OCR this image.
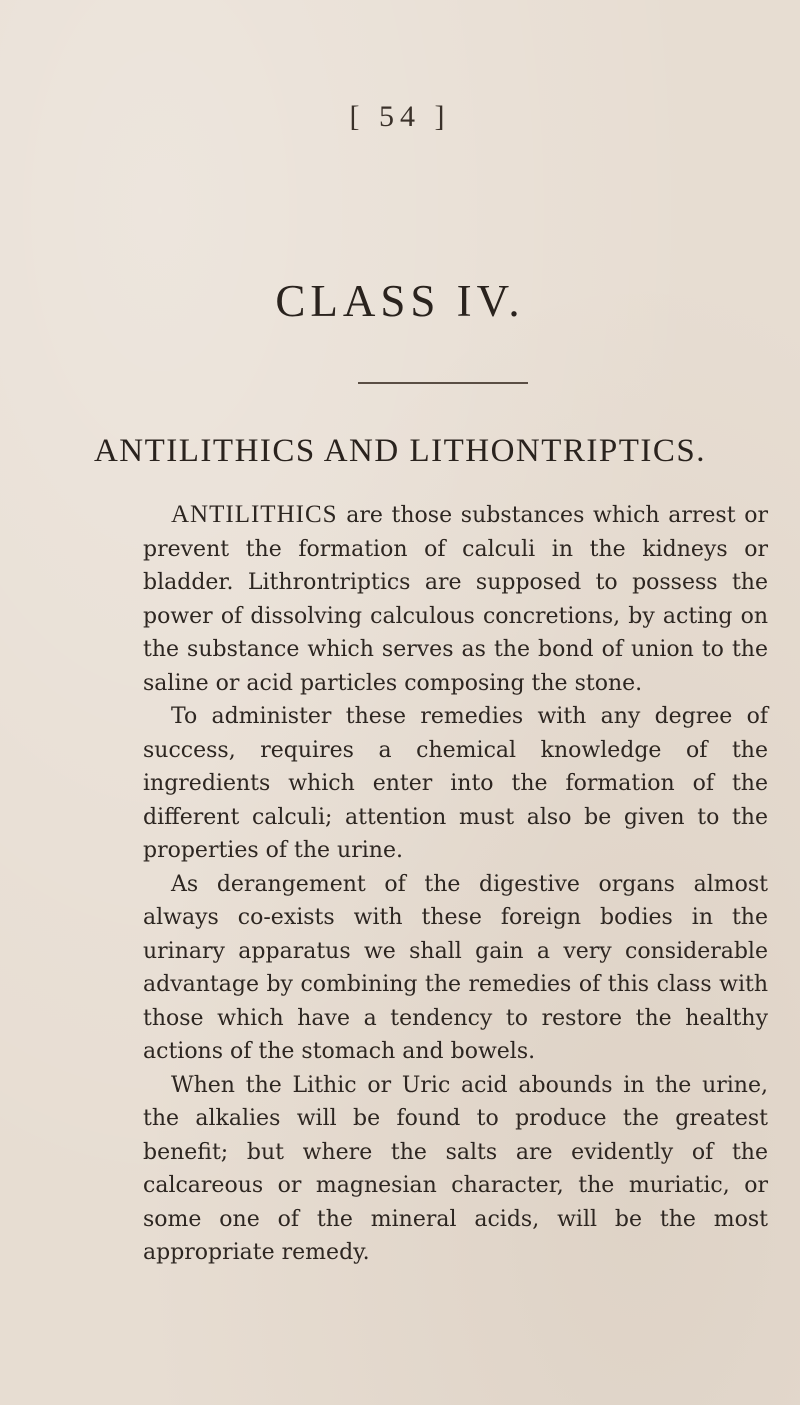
[ 54 ]
CLASS IV.
ANTILITHICS AND LITHONTRIPTICS.

ANTILITHICS are those substances which arrest or prevent the formation of calculi in the kidneys or bladder. Lithrontriptics are supposed to possess the power of dissolving calculous concretions, by acting on the substance which serves as the bond of union to the saline or acid particles composing the stone.

To administer these remedies with any degree of success, requires a chemical knowledge of the ingredients which enter into the formation of the different calculi; attention must also be given to the properties of the urine.

As derangement of the digestive organs almost always co-exists with these foreign bodies in the urinary apparatus we shall gain a very considerable advantage by combining the remedies of this class with those which have a tendency to restore the healthy actions of the stomach and bowels.

When the Lithic or Uric acid abounds in the urine, the alkalies will be found to produce the greatest benefit; but where the salts are evidently of the calcareous or magnesian character, the muriatic, or some one of the mineral acids, will be the most appropriate remedy.
